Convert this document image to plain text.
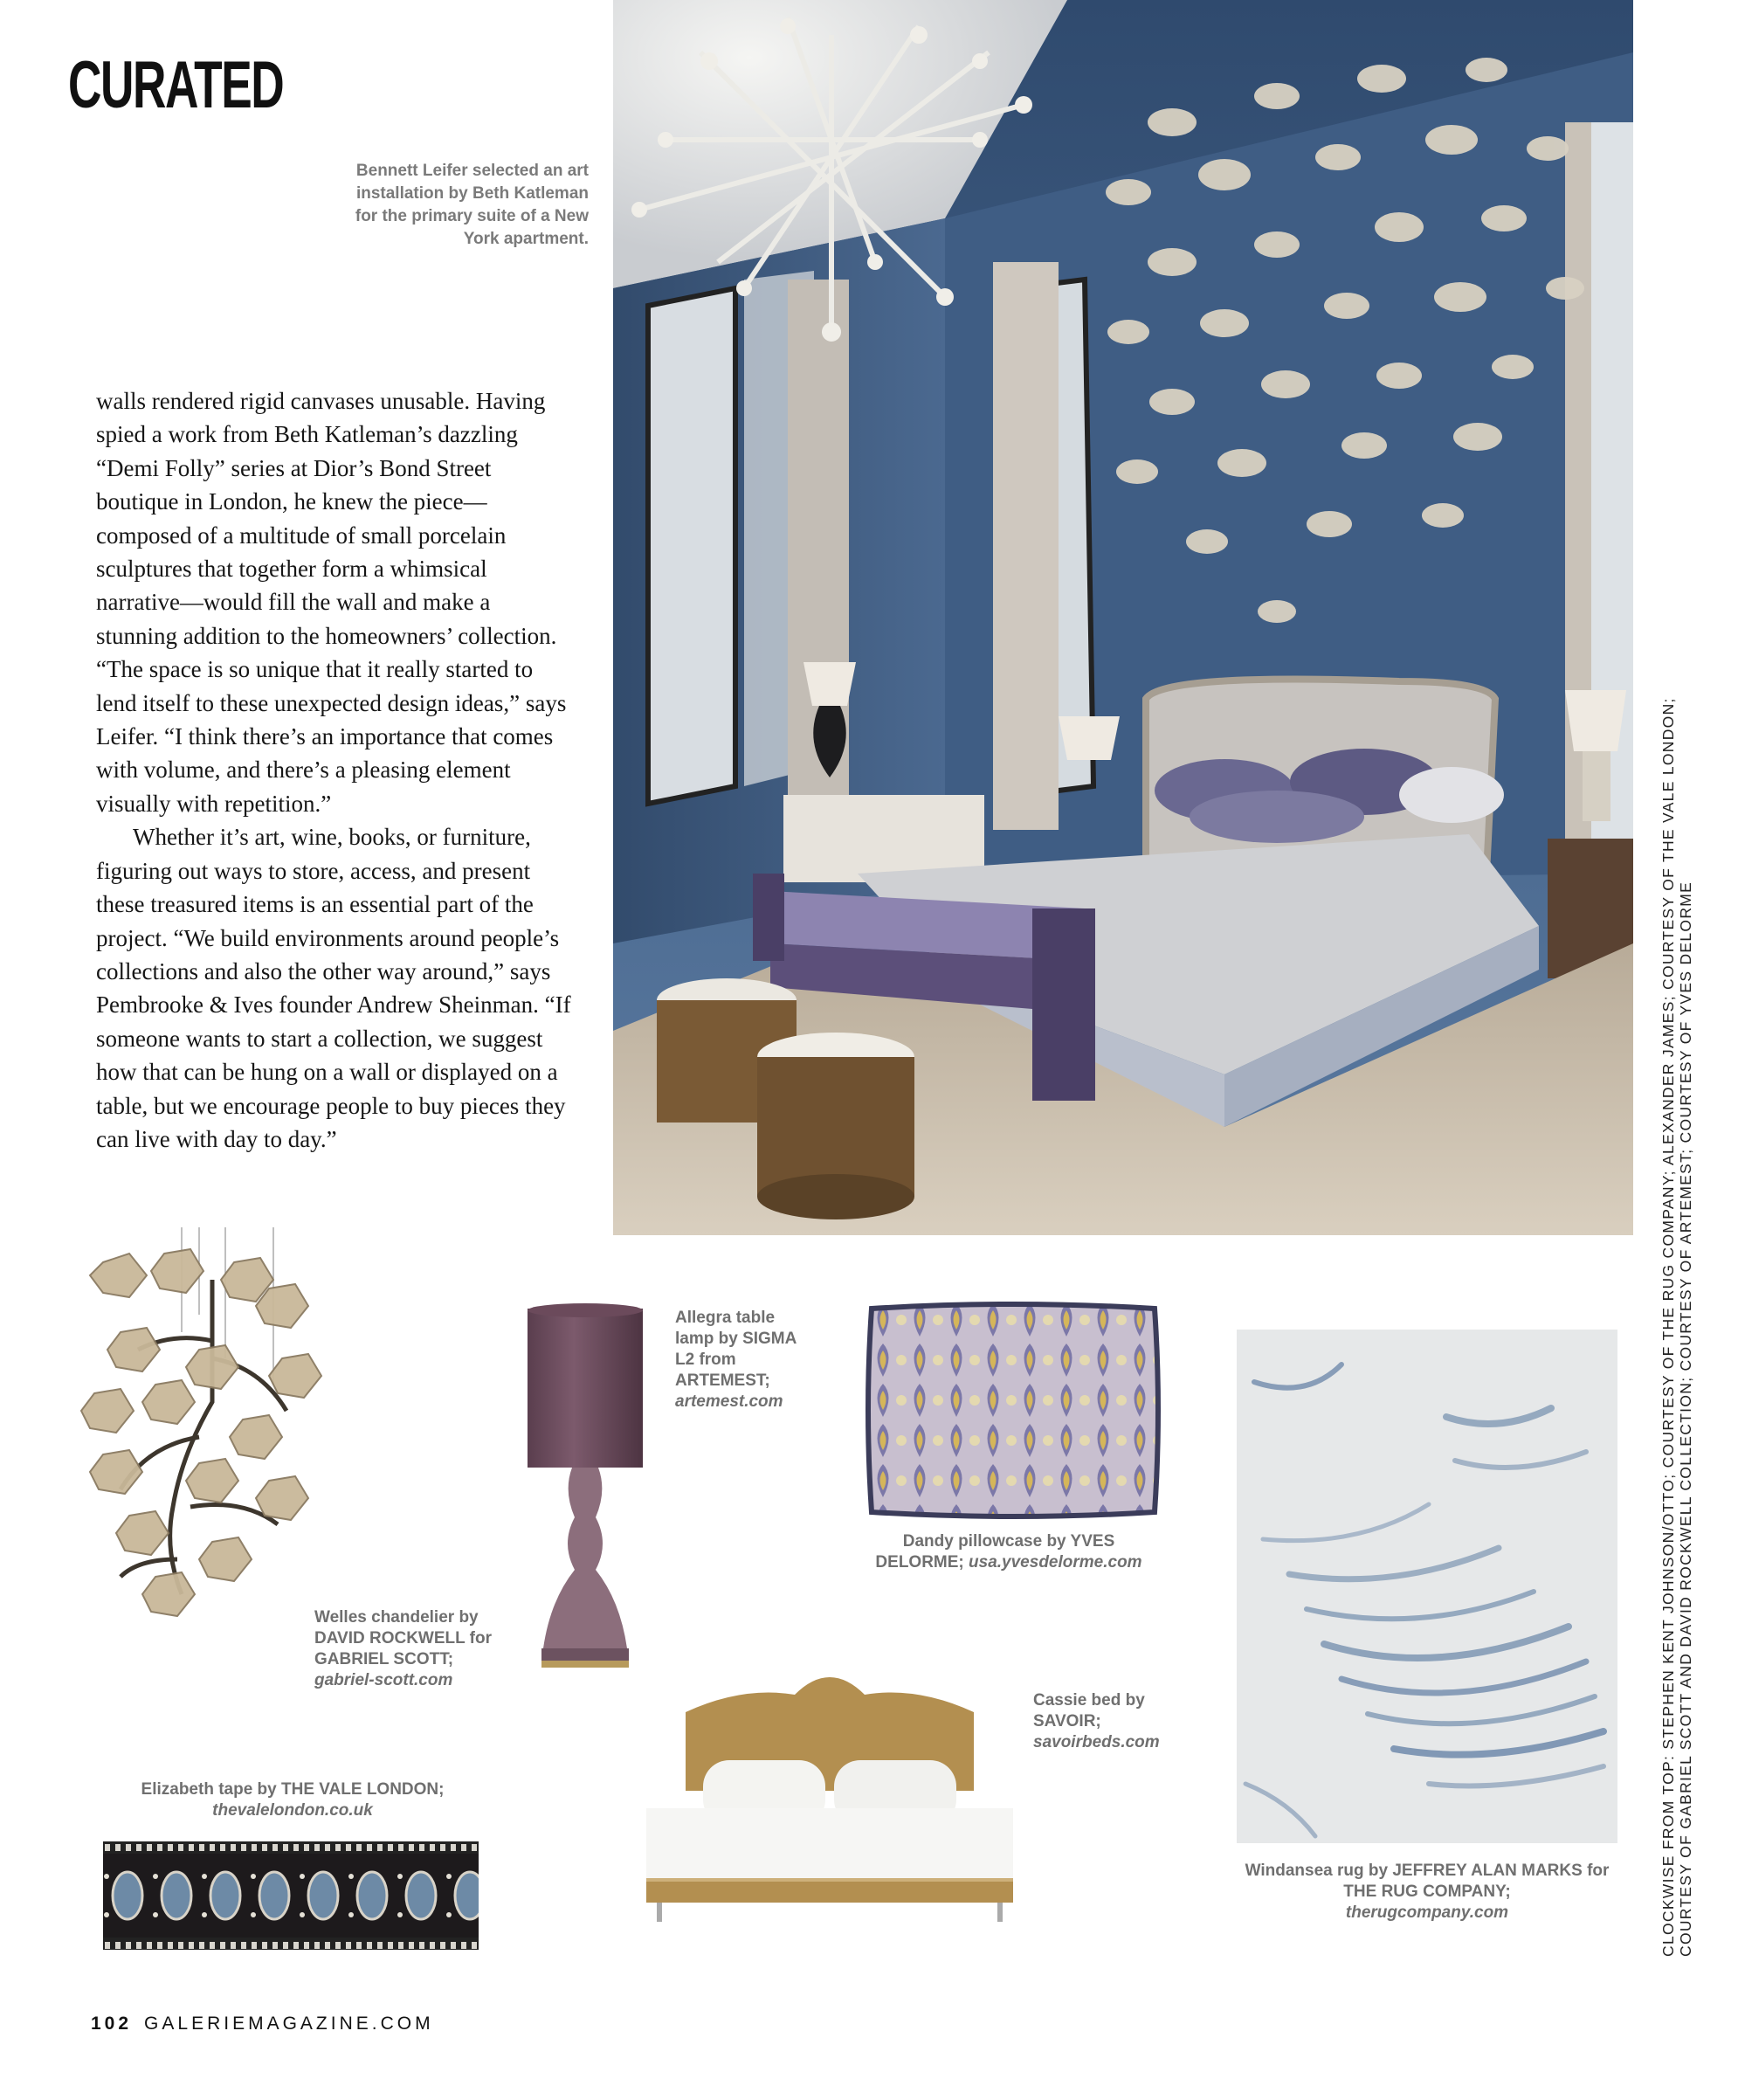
CURATED
Bennett Leifer selected an art installation by Beth Katleman for the primary suite of a New York apartment.

walls rendered rigid canvases unusable. Having spied a work from Beth Katleman’s dazzling “Demi Folly” series at Dior’s Bond Street boutique in London, he knew the piece—composed of a multitude of small porcelain sculptures that together form a whimsical narrative—would fill the wall and make a stunning addition to the homeowners’ collection. “The space is so unique that it really started to lend itself to these unexpected design ideas,” says Leifer. “I think there’s an importance that comes with volume, and there’s a pleasing element visually with repetition.”

Whether it’s art, wine, books, or furniture, figuring out ways to store, access, and present these treasured items is an essential part of the project. “We build environments around people’s collections and also the other way around,” says Pembrooke & Ives founder Andrew Sheinman. “If someone wants to start a collection, we suggest how that can be hung on a wall or displayed on a table, but we encourage people to buy pieces they can live with day to day.”	CLOCKWISE FROM TOP: STEPHEN KENT JOHNSON/OTTO; COURTESY OF THE RUG COMPANY; ALEXANDER JAMES; COURTESY OF THE VALE LONDON; COURTESY OF GABRIEL SCOTT AND DAVID ROCKWELL COLLECTION; COURTESY OF ARTEMEST; COURTESY OF YVES DELORME
Welles chandelier by DAVID ROCKWELL for GABRIEL SCOTT;
gabriel-scott.com
Allegra table lamp by SIGMA L2 from ARTEMEST;
artemest.com
Dandy pillowcase by YVES DELORME; usa.yvesdelorme.com
Windansea rug by JEFFREY ALAN MARKS for THE RUG COMPANY;
therugcompany.com
Cassie bed by SAVOIR;
savoirbeds.com
Elizabeth tape by THE VALE LONDON;
thevalelondon.co.uk
102 GALERIEMAGAZINE.COM
